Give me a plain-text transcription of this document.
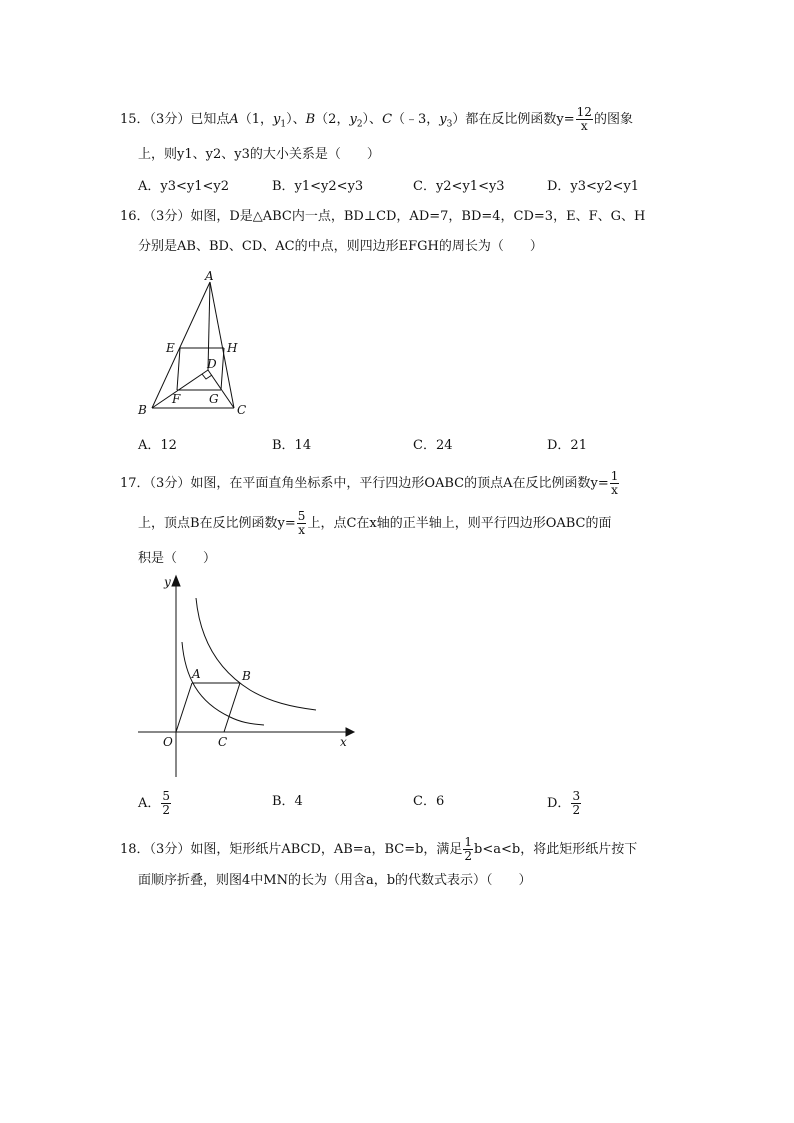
15．（3分）已知点A（1，$y_1$）、B（2，$y_2$）、C（﹣3，$y_3$）都在反比例函数$y= \frac{12}{x}$ 的图象
上，则y1、y2、y3的大小关系是（　　）
A．y3<y1<y2	B．y1<y2<y3	C．y2<y1<y3	D．y3<y2<y1
16．（3分）如图，D是△ABC内一点，BD⊥CD，AD=7，BD=4，CD=3，E、F、G、H
分别是AB、BD、CD、AC的中点，则四边形EFGH的周长为（　　）
A
E	H
D
F G
B	C
A．12	B．14	C．24	D．21
17．（3分）如图，在平面直角坐标系中，平行四边形OABC的顶点A在反比例函数$y= \frac{1}{x}$
上，顶点B在反比例函数$y= \frac{5}{x}$ 上，点C在x轴的正半轴上，则平行四边形OABC的面
积是（　　）
y
x
O
A	B
C
A． $\frac{5}{2}$	B．4	C．6	D． $\frac{3}{2}$
18．（3分）如图，矩形纸片ABCD，AB=a，BC=b，满足 $\frac{1}{2} b<a<b$，将此矩形纸片按下
面顺序折叠，则图4中MN的长为（用含a，b的代数式表示）（　　）
